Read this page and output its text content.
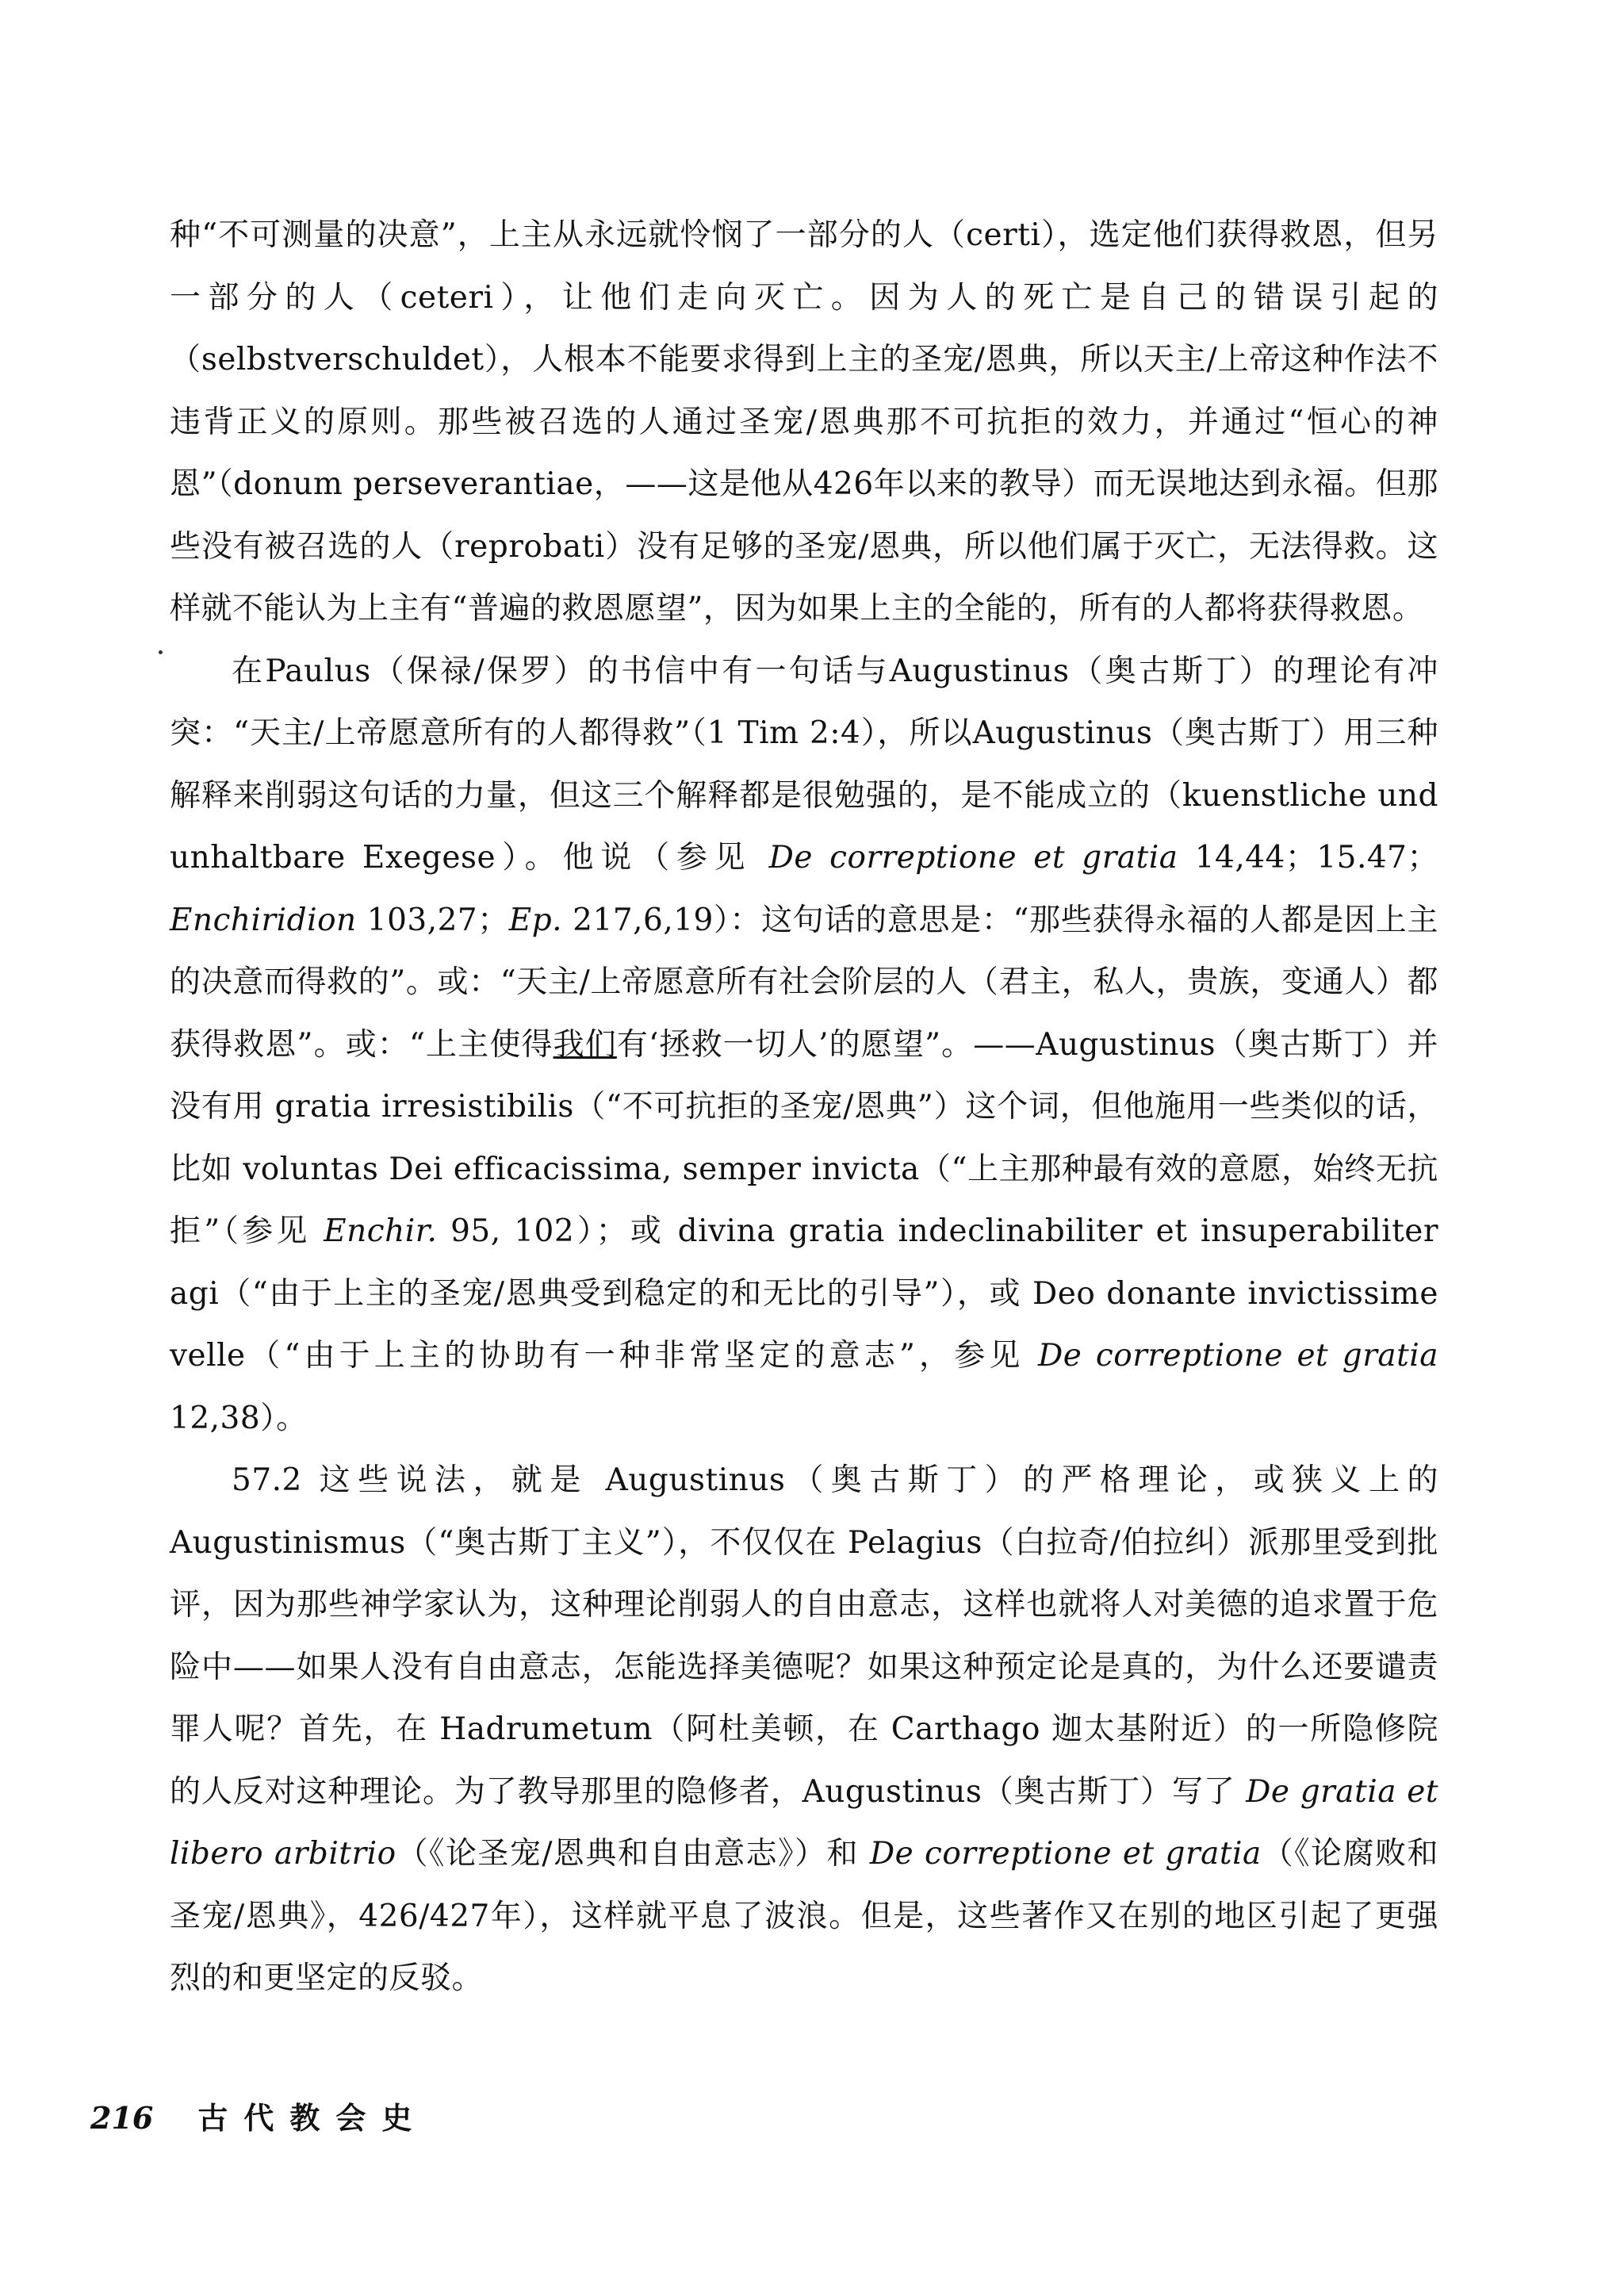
种“不可测量的决意”，上主从永远就怜悯了一部分的人（certi），选定他们获得救恩，但另一部分的人（ceteri），让他们走向灭亡。因为人的死亡是自己的错误引起的（selbstverschuldet），人根本不能要求得到上主的圣宠/恩典，所以天主/上帝这种作法不违背正义的原则。那些被召选的人通过圣宠/恩典那不可抗拒的效力，并通过“恒心的神恩”（donum perseverantiae，——这是他从426年以来的教导）而无误地达到永福。但那些没有被召选的人（reprobati）没有足够的圣宠/恩典，所以他们属于灭亡，无法得救。这样就不能认为上主有“普遍的救恩愿望”，因为如果上主的全能的，所有的人都将获得救恩。

在Paulus（保禄/保罗）的书信中有一句话与Augustinus（奥古斯丁）的理论有冲突：“天主/上帝愿意所有的人都得救”（1 Tim 2:4），所以Augustinus（奥古斯丁）用三种解释来削弱这句话的力量，但这三个解释都是很勉强的，是不能成立的（kuenstliche und unhaltbare Exegese）。他说（参见 De correptione et gratia 14,44；15.47；Enchiridion 103,27；Ep. 217,6,19）：这句话的意思是：“那些获得永福的人都是因上主的决意而得救的”。或：“天主/上帝愿意所有社会阶层的人（君主，私人，贵族，变通人）都获得救恩”。或：“上主使得我们有‘拯救一切人’的愿望”。——Augustinus（奥古斯丁）并没有用 gratia irresistibilis（“不可抗拒的圣宠/恩典”）这个词，但他施用一些类似的话，比如 voluntas Dei efficacissima, semper invicta（“上主那种最有效的意愿，始终无抗拒”（参见 Enchir. 95, 102）；或 divina gratia indeclinabiliter et insuperabiliter agi（“由于上主的圣宠/恩典受到稳定的和无比的引导”），或 Deo donante invictissime velle（“由于上主的协助有一种非常坚定的意志”，参见 De correptione et gratia 12,38）。

57.2 这些说法，就是 Augustinus（奥古斯丁）的严格理论，或狭义上的 Augustinismus（“奥古斯丁主义”），不仅仅在 Pelagius（白拉奇/伯拉纠）派那里受到批评，因为那些神学家认为，这种理论削弱人的自由意志，这样也就将人对美德的追求置于危险中——如果人没有自由意志，怎能选择美德呢？如果这种预定论是真的，为什么还要谴责罪人呢？首先，在 Hadrumetum（阿杜美顿，在 Carthago 迦太基附近）的一所隐修院的人反对这种理论。为了教导那里的隐修者，Augustinus（奥古斯丁）写了 De gratia et libero arbitrio（《论圣宠/恩典和自由意志》）和 De correptione et gratia（《论腐败和圣宠/恩典》，426/427年），这样就平息了波浪。但是，这些著作又在别的地区引起了更强烈的和更坚定的反驳。

216 古代教会史
